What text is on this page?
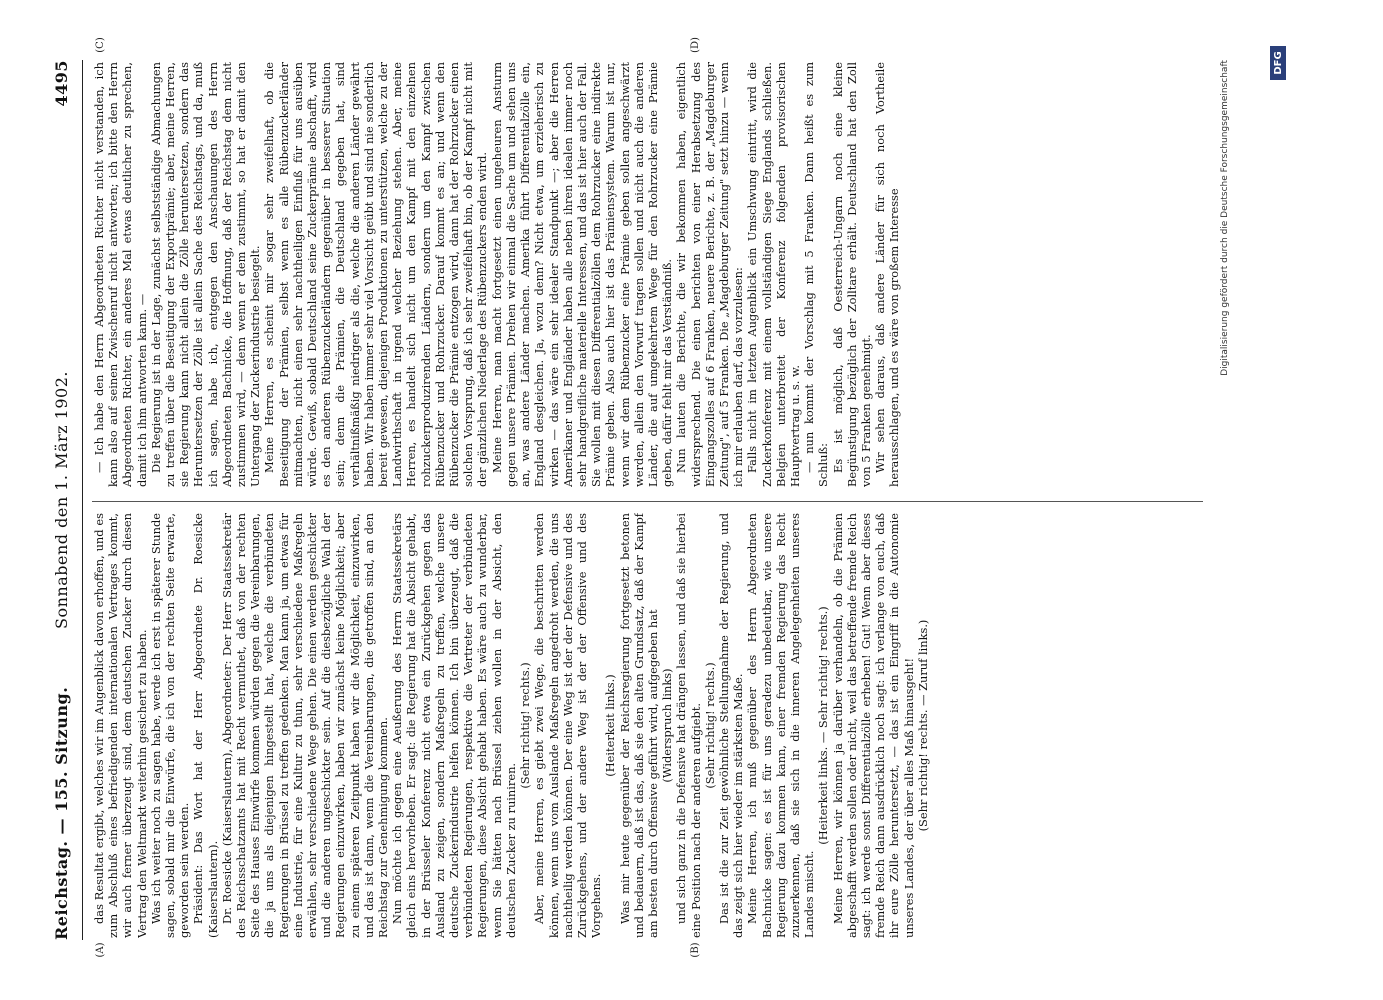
Reichstag. — 155. Sitzung.
Sonnabend den 1. März 1902.
4495
(A)	(B)
(C)	(D)

das Resultat ergibt, welches wir im Augenblick davon erhoffen, und es zum Abschluß eines befriedigenden internationalen Vertrages kommt, wir auch ferner überzeugt sind, dem deutschen Zucker durch diesen Vertrag den Weltmarkt weiterhin gesichert zu haben. Was ich weiter noch zu sagen habe, werde ich erst in späterer Stunde sagen, sobald mir die Einwürfe, die ich von der rechten Seite erwarte, geworden sein werden. Präsident: Das Wort hat der Herr Abgeordnete Dr. Roesicke (Kaiserslautern). Dr. Roesicke (Kaiserslautern), Abgeordneter: Der Herr Staatssekretär des Reichsschatzamts hat mit Recht vermuthet, daß von der rechten Seite des Hauses Einwürfe kommen würden gegen die Vereinbarungen, die ja uns als diejenigen hingestellt hat, welche die verbündeten Regierungen in Brüssel zu treffen gedenken. Man kann ja, um etwas für eine Industrie, für eine Kultur zu thun, sehr verschiedene Maßregeln erwählen, sehr verschiedene Wege gehen. Die einen werden geschickter und die anderen ungeschickter sein. Auf die diesbezügliche Wahl der Regierungen einzuwirken, haben wir zunächst keine Möglichkeit; aber zu einem späteren Zeitpunkt haben wir die Möglichkeit, einzuwirken, und das ist dann, wenn die Vereinbarungen, die getroffen sind, an den Reichstag zur Genehmigung kommen. Nun möchte ich gegen eine Aeußerung des Herrn Staatssekretärs gleich eins hervorheben. Er sagt: die Regierung hat die Absicht gehabt, in der Brüsseler Konferenz nicht etwa ein Zurückgehen gegen das Ausland zu zeigen, sondern Maßregeln zu treffen, welche unsere deutsche Zuckerindustrie helfen können. Ich bin überzeugt, daß die verbündeten Regierungen, respektive die Vertreter der verbündeten Regierungen, diese Absicht gehabt haben. Es wäre auch zu wunderbar, wenn Sie hätten nach Brüssel ziehen wollen in der Absicht, den deutschen Zucker zu ruiniren.

(Sehr richtig! rechts.) Aber, meine Herren, es giebt zwei Wege, die beschritten werden können, wenn uns vom Auslande Maßregeln angedroht werden, die uns nachtheilig werden können. Der eine Weg ist der der Defensive und des Zurückgehens, und der andere Weg ist der der Offensive und des Vorgehens.

(Heiterkeit links.) Was mir heute gegenüber der Reichsregierung fortgesetzt betonen und bedauern, daß ist das, daß sie den alten Grundsatz, daß der Kampf am besten durch Offensive geführt wird, aufgegeben hat (Widerspruch links) und sich ganz in die Defensive hat drängen lassen, und daß sie hierbei eine Position nach der anderen aufgiebt. (Sehr richtig! rechts.) Das ist die zur Zeit gewöhnliche Stellungnahme der Regierung, und das zeigt sich hier wieder im stärksten Maße. Meine Herren, ich muß gegenüber des Herrn Abgeordneten Bachnicke sagen: es ist für uns geradezu unbedeutbar, wie unsere Regierung dazu kommen kann, einer fremden Regierung das Recht zuzuerkennen, daß sie sich in die inneren Angelegenheiten unseres Landes mischt.

(Heiterkeit links. — Sehr richtig! rechts.) Meine Herren, wir können ja darüber verhandeln, ob die Prämien abgeschafft werden sollen oder nicht, weil das betreffende fremde Reich sagt: ich werde sonst Differentialzölle erheben! Gut! Wenn aber dieses fremde Reich dann ausdrücklich noch sagt: ich verlange von euch, daß ihr eure Zölle heruntersetzt, — das ist ein Eingriff in die Autonomie unseres Landes, der über alles Maß hinausgeht! (Sehr richtig! rechts. — Zuruf links.)

— Ich habe den Herrn Abgeordneten Richter nicht verstanden, ich kann also auf seinen Zwischenruf nicht antworten; ich bitte den Herrn Abgeordneten Richter, ein anderes Mal etwas deutlicher zu sprechen, damit ich ihm antworten kann. — Die Regierung ist in der Lage, zunächst selbstständige Abmachungen zu treffen über die Beseitigung der Exportprämie; aber, meine Herren, sie Regierung kann nicht allein die Zölle heruntersetzen, sondern das Heruntersetzen der Zölle ist allein Sache des Reichstags, und da, muß ich sagen, habe ich, entgegen den Anschauungen des Herrn Abgeordneten Bachnicke, die Hoffnung, daß der Reichstag dem nicht zustimmen wird, — denn wenn er dem zustimmt, so hat er damit den Untergang der Zuckerindustrie besiegelt. Meine Herren, es scheint mir sogar sehr zweifelhaft, ob die Beseitigung der Prämien, selbst wenn es alle Rübenzuckerländer mitmachten, nicht einen sehr nachtheiligen Einfluß für uns ausüben würde. Gewiß, sobald Deutschland seine Zuckerprämie abschafft, wird es den anderen Rübenzuckerländern gegenüber in besserer Situation sein; denn die Prämien, die Deutschland gegeben hat, sind verhältnißmäßig niedriger als die, welche die anderen Länder gewährt haben. Wir haben immer sehr viel Vorsicht geübt und sind nie sonderlich bereit gewesen, diejenigen Produktionen zu unterstützen, welche zu der Landwirthschaft in irgend welcher Beziehung stehen. Aber, meine Herren, es handelt sich nicht um den Kampf mit den einzelnen rohzuckerproduzirenden Ländern, sondern um den Kampf zwischen Rübenzucker und Rohrzucker. Darauf kommt es an; und wenn den Rübenzucker die Prämie entzogen wird, dann hat der Rohrzucker einen solchen Vorsprung, daß ich sehr zweifelhaft bin, ob der Kampf nicht mit der gänzlichen Niederlage des Rübenzuckers enden wird. Meine Herren, man macht fortgesetzt einen ungeheuren Ansturm gegen unsere Prämien. Drehen wir einmal die Sache um und sehen uns an, was andere Länder machen. Amerika führt Differentialzölle ein, England desgleichen. Ja, wozu denn? Nicht etwa, um erzieherisch zu wirken — das wäre ein sehr idealer Standpunkt —; aber die Herren Amerikaner und Engländer haben alle neben ihren idealen immer noch sehr handgreifliche materielle Interessen, und das ist hier auch der Fall. Sie wollen mit diesen Differentialzöllen dem Rohrzucker eine indirekte Prämie geben. Also auch hier ist das Prämiensystem. Warum ist nur, wenn wir dem Rübenzucker eine Prämie geben sollen angeschwärzt werden, allein den Vorwurf tragen sollen und nicht auch die anderen Länder, die auf umgekehrtem Wege für den Rohrzucker eine Prämie geben, dafür fehlt mir das Verständniß. Nun lauten die Berichte, die wir bekommen haben, eigentlich widersprechend. Die einen berichten von einer Herabsetzung des Eingangszolles auf 6 Franken, neuere Berichte, z. B. der „Magdeburger Zeitung", auf 5 Franken. Die „Magdeburger Zeitung" setzt hinzu — wenn ich mir erlauben darf, das vorzulesen: Falls nicht im letzten Augenblick ein Umschwung eintritt, wird die Zuckerkonferenz mit einem vollständigen Siege Englands schließen. Belgien unterbreitet der Konferenz folgenden provisorischen Hauptvertrag u. s. w. — nun kommt der Vorschlag mit 5 Franken. Dann heißt es zum Schluß: Es ist möglich, daß Oesterreich-Ungarn noch eine kleine Begünstigung bezüglich der Zolltare erhält. Deutschland hat den Zoll von 5 Franken genehmigt. Wir sehen daraus, daß andere Länder für sich noch Vortheile herausschlagen, und es wäre von großem Interesse	Digitalisierung gefördert durch die Deutsche Forschungsgemeinschaft	DFG
